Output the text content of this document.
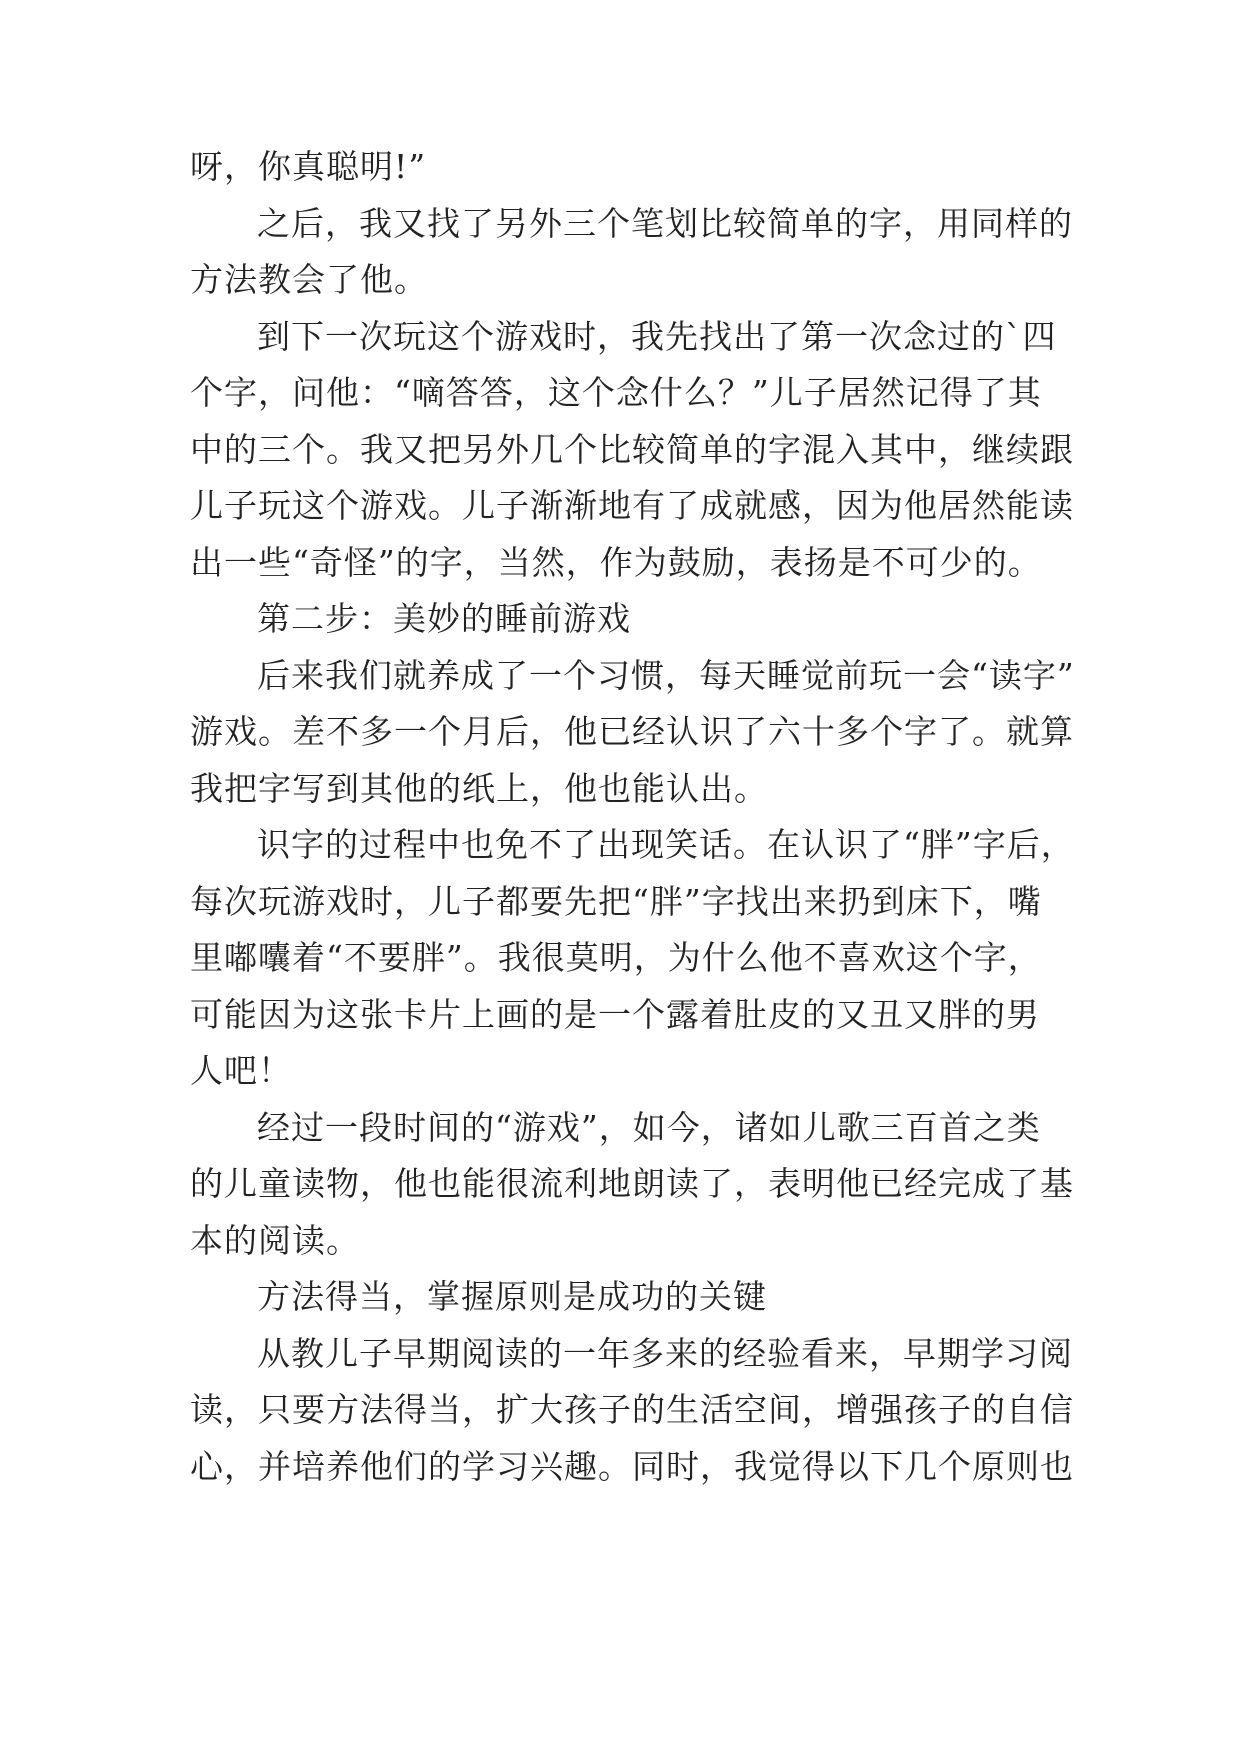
呀，你真聪明!”
之后，我又找了另外三个笔划比较简单的字，用同样的
方法教会了他。
到下一次玩这个游戏时，我先找出了第一次念过的`四
个字，问他：“嘀答答，这个念什么？”儿子居然记得了其
中的三个。我又把另外几个比较简单的字混入其中，继续跟
儿子玩这个游戏。儿子渐渐地有了成就感，因为他居然能读
出一些“奇怪”的字，当然，作为鼓励，表扬是不可少的。
第二步：美妙的睡前游戏
后来我们就养成了一个习惯，每天睡觉前玩一会“读字”
游戏。差不多一个月后，他已经认识了六十多个字了。就算
我把字写到其他的纸上，他也能认出。
识字的过程中也免不了出现笑话。在认识了“胖”字后，
每次玩游戏时，儿子都要先把“胖”字找出来扔到床下，嘴
里嘟囔着“不要胖”。我很莫明，为什么他不喜欢这个字，
可能因为这张卡片上画的是一个露着肚皮的又丑又胖的男
人吧！
经过一段时间的“游戏”，如今，诸如儿歌三百首之类
的儿童读物，他也能很流利地朗读了，表明他已经完成了基
本的阅读。
方法得当，掌握原则是成功的关键
从教儿子早期阅读的一年多来的经验看来，早期学习阅
读，只要方法得当，扩大孩子的生活空间，增强孩子的自信
心，并培养他们的学习兴趣。同时，我觉得以下几个原则也
